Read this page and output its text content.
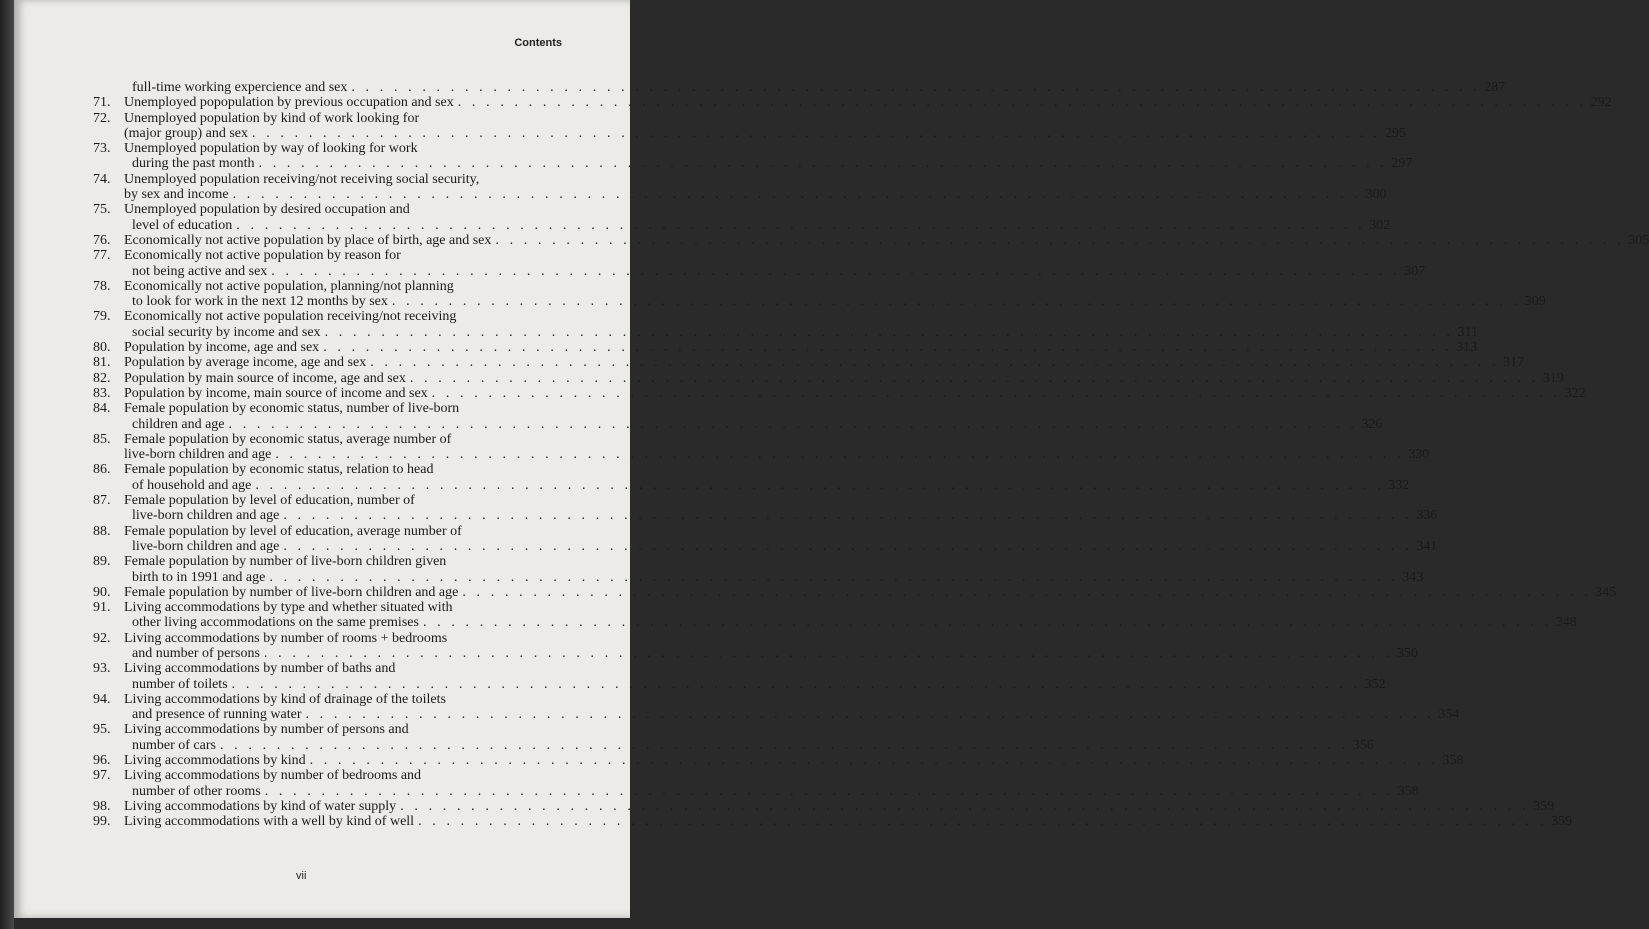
Contents
full-time working expercience and sex . . . . . . . . . . . . . . . . . . . . . . . . . . . . . . . . . . . . . . . . . . . . . . . . . . . . . . . . . . . . . . . . . . . . . . . . . . . . . . . . 287
71. Unemployed popopulation by previous occupation and sex . . . . . . . . . . . . . . . . . . . . . . . . . . . . . . . . . . . . . . . . . . . . . . . . . . . . . . . . . . . . . . . . . . . . . . . . . . . . . . . . 292
72. Unemployed population by kind of work looking for
(major group) and sex . . . . . . . . . . . . . . . . . . . . . . . . . . . . . . . . . . . . . . . . . . . . . . . . . . . . . . . . . . . . . . . . . . . . . . . . . . . . . . . . 295
73. Unemployed population by way of looking for work
during the past month . . . . . . . . . . . . . . . . . . . . . . . . . . . . . . . . . . . . . . . . . . . . . . . . . . . . . . . . . . . . . . . . . . . . . . . . . . . . . . . . 297
74. Unemployed population receiving/not receiving social security,
by sex and income . . . . . . . . . . . . . . . . . . . . . . . . . . . . . . . . . . . . . . . . . . . . . . . . . . . . . . . . . . . . . . . . . . . . . . . . . . . . . . . . 300
75. Unemployed population by desired occupation and
level of education . . . . . . . . . . . . . . . . . . . . . . . . . . . . . . . . . . . . . . . . . . . . . . . . . . . . . . . . . . . . . . . . . . . . . . . . . . . . . . . . 302
76. Economically not active population by place of birth, age and sex . . . . . . . . . . . . . . . . . . . . . . . . . . . . . . . . . . . . . . . . . . . . . . . . . . . . . . . . . . . . . . . . . . . . . . . . . . . . . . . . 305
77. Economically not active population by reason for
not being active and sex . . . . . . . . . . . . . . . . . . . . . . . . . . . . . . . . . . . . . . . . . . . . . . . . . . . . . . . . . . . . . . . . . . . . . . . . . . . . . . . . 307
78. Economically not active population, planning/not planning
to look for work in the next 12 months by sex . . . . . . . . . . . . . . . . . . . . . . . . . . . . . . . . . . . . . . . . . . . . . . . . . . . . . . . . . . . . . . . . . . . . . . . . . . . . . . . . 309
79. Economically not active population receiving/not receiving
social security by income and sex . . . . . . . . . . . . . . . . . . . . . . . . . . . . . . . . . . . . . . . . . . . . . . . . . . . . . . . . . . . . . . . . . . . . . . . . . . . . . . . . 311
80. Population by income, age and sex . . . . . . . . . . . . . . . . . . . . . . . . . . . . . . . . . . . . . . . . . . . . . . . . . . . . . . . . . . . . . . . . . . . . . . . . . . . . . . . . 313
81. Population by average income, age and sex . . . . . . . . . . . . . . . . . . . . . . . . . . . . . . . . . . . . . . . . . . . . . . . . . . . . . . . . . . . . . . . . . . . . . . . . . . . . . . . . 317
82. Population by main source of income, age and sex . . . . . . . . . . . . . . . . . . . . . . . . . . . . . . . . . . . . . . . . . . . . . . . . . . . . . . . . . . . . . . . . . . . . . . . . . . . . . . . . 319
83. Population by income, main source of income and sex . . . . . . . . . . . . . . . . . . . . . . . . . . . . . . . . . . . . . . . . . . . . . . . . . . . . . . . . . . . . . . . . . . . . . . . . . . . . . . . . 322
84. Female population by economic status, number of live-born
children and age . . . . . . . . . . . . . . . . . . . . . . . . . . . . . . . . . . . . . . . . . . . . . . . . . . . . . . . . . . . . . . . . . . . . . . . . . . . . . . . . 326
85. Female population by economic status, average number of
live-born children and age . . . . . . . . . . . . . . . . . . . . . . . . . . . . . . . . . . . . . . . . . . . . . . . . . . . . . . . . . . . . . . . . . . . . . . . . . . . . . . . . 330
86. Female population by economic status, relation to head
of household and age . . . . . . . . . . . . . . . . . . . . . . . . . . . . . . . . . . . . . . . . . . . . . . . . . . . . . . . . . . . . . . . . . . . . . . . . . . . . . . . . 332
87. Female population by level of education, number of
live-born children and age . . . . . . . . . . . . . . . . . . . . . . . . . . . . . . . . . . . . . . . . . . . . . . . . . . . . . . . . . . . . . . . . . . . . . . . . . . . . . . . . 336
88. Female population by level of education, average number of
live-born children and age . . . . . . . . . . . . . . . . . . . . . . . . . . . . . . . . . . . . . . . . . . . . . . . . . . . . . . . . . . . . . . . . . . . . . . . . . . . . . . . . 341
89. Female population by number of live-born children given
birth to in 1991 and age . . . . . . . . . . . . . . . . . . . . . . . . . . . . . . . . . . . . . . . . . . . . . . . . . . . . . . . . . . . . . . . . . . . . . . . . . . . . . . . . 343
90. Female population by number of live-born children and age . . . . . . . . . . . . . . . . . . . . . . . . . . . . . . . . . . . . . . . . . . . . . . . . . . . . . . . . . . . . . . . . . . . . . . . . . . . . . . . . 345
91. Living accommodations by type and whether situated with
other living accommodations on the same premises . . . . . . . . . . . . . . . . . . . . . . . . . . . . . . . . . . . . . . . . . . . . . . . . . . . . . . . . . . . . . . . . . . . . . . . . . . . . . . . . 348
92. Living accommodations by number of rooms + bedrooms
and number of persons . . . . . . . . . . . . . . . . . . . . . . . . . . . . . . . . . . . . . . . . . . . . . . . . . . . . . . . . . . . . . . . . . . . . . . . . . . . . . . . . 350
93. Living accommodations by number of baths and
number of toilets . . . . . . . . . . . . . . . . . . . . . . . . . . . . . . . . . . . . . . . . . . . . . . . . . . . . . . . . . . . . . . . . . . . . . . . . . . . . . . . . 352
94. Living accommodations by kind of drainage of the toilets
and presence of running water . . . . . . . . . . . . . . . . . . . . . . . . . . . . . . . . . . . . . . . . . . . . . . . . . . . . . . . . . . . . . . . . . . . . . . . . . . . . . . . . 354
95. Living accommodations by number of persons and
number of cars . . . . . . . . . . . . . . . . . . . . . . . . . . . . . . . . . . . . . . . . . . . . . . . . . . . . . . . . . . . . . . . . . . . . . . . . . . . . . . . . 356
96. Living accommodations by kind . . . . . . . . . . . . . . . . . . . . . . . . . . . . . . . . . . . . . . . . . . . . . . . . . . . . . . . . . . . . . . . . . . . . . . . . . . . . . . . . 358
97. Living accommodations by number of bedrooms and
number of other rooms . . . . . . . . . . . . . . . . . . . . . . . . . . . . . . . . . . . . . . . . . . . . . . . . . . . . . . . . . . . . . . . . . . . . . . . . . . . . . . . . 358
98. Living accommodations by kind of water supply . . . . . . . . . . . . . . . . . . . . . . . . . . . . . . . . . . . . . . . . . . . . . . . . . . . . . . . . . . . . . . . . . . . . . . . . . . . . . . . . 359
99. Living accommodations with a well by kind of well . . . . . . . . . . . . . . . . . . . . . . . . . . . . . . . . . . . . . . . . . . . . . . . . . . . . . . . . . . . . . . . . . . . . . . . . . . . . . . . . 359
vii
